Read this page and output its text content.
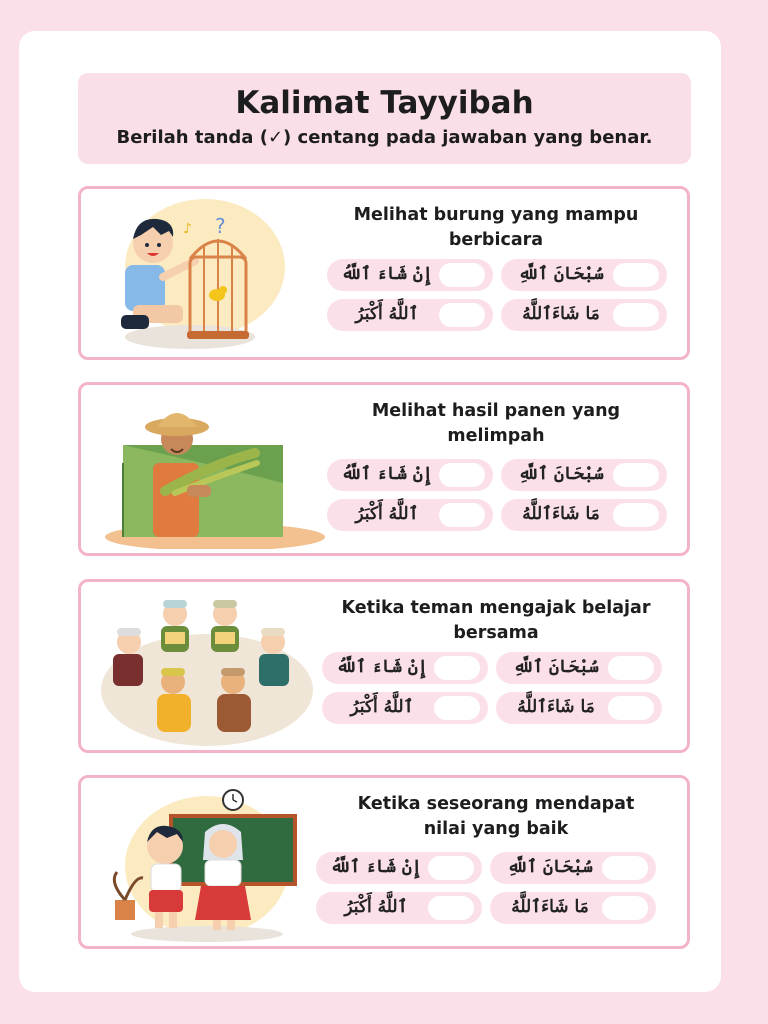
Kalimat Tayyibah
Berilah tanda (✓) centang pada jawaban yang benar.
?
♪
Melihat burung yang mampu
berbicara
إِنْ شَاءَ ٱللَّهُ	سُبْحَانَ ٱللَّهِ
ٱللَّهُ أَكْبَرُ	مَا شَاءَٱللَّهُ
Melihat hasil panen yang
melimpah
إِنْ شَاءَ ٱللَّهُ	سُبْحَانَ ٱللَّهِ
ٱللَّهُ أَكْبَرُ	مَا شَاءَٱللَّهُ
Ketika teman mengajak belajar
bersama
إِنْ شَاءَ ٱللَّهُ	سُبْحَانَ ٱللَّهِ
ٱللَّهُ أَكْبَرُ	مَا شَاءَٱللَّهُ
Ketika seseorang mendapat
nilai yang baik
إِنْ شَاءَ ٱللَّهُ	سُبْحَانَ ٱللَّهِ
ٱللَّهُ أَكْبَرُ	مَا شَاءَٱللَّهُ
